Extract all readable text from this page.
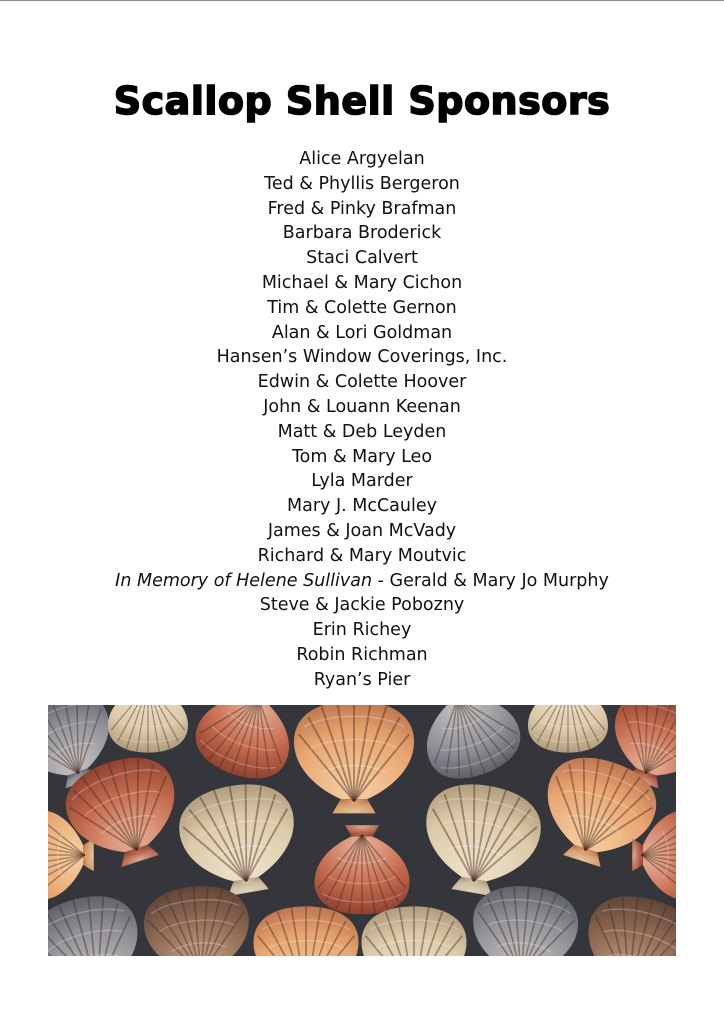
Scallop Shell Sponsors
Alice Argyelan
Ted & Phyllis Bergeron
Fred & Pinky Brafman
Barbara Broderick
Staci Calvert
Michael & Mary Cichon
Tim & Colette Gernon
Alan & Lori Goldman
Hansen’s Window Coverings, Inc.
Edwin & Colette Hoover
John & Louann Keenan
Matt & Deb Leyden
Tom & Mary Leo
Lyla Marder
Mary J. McCauley
James & Joan McVady
Richard & Mary Moutvic
In Memory of Helene Sullivan - Gerald & Mary Jo Murphy
Steve & Jackie Pobozny
Erin Richey
Robin Richman
Ryan’s Pier
